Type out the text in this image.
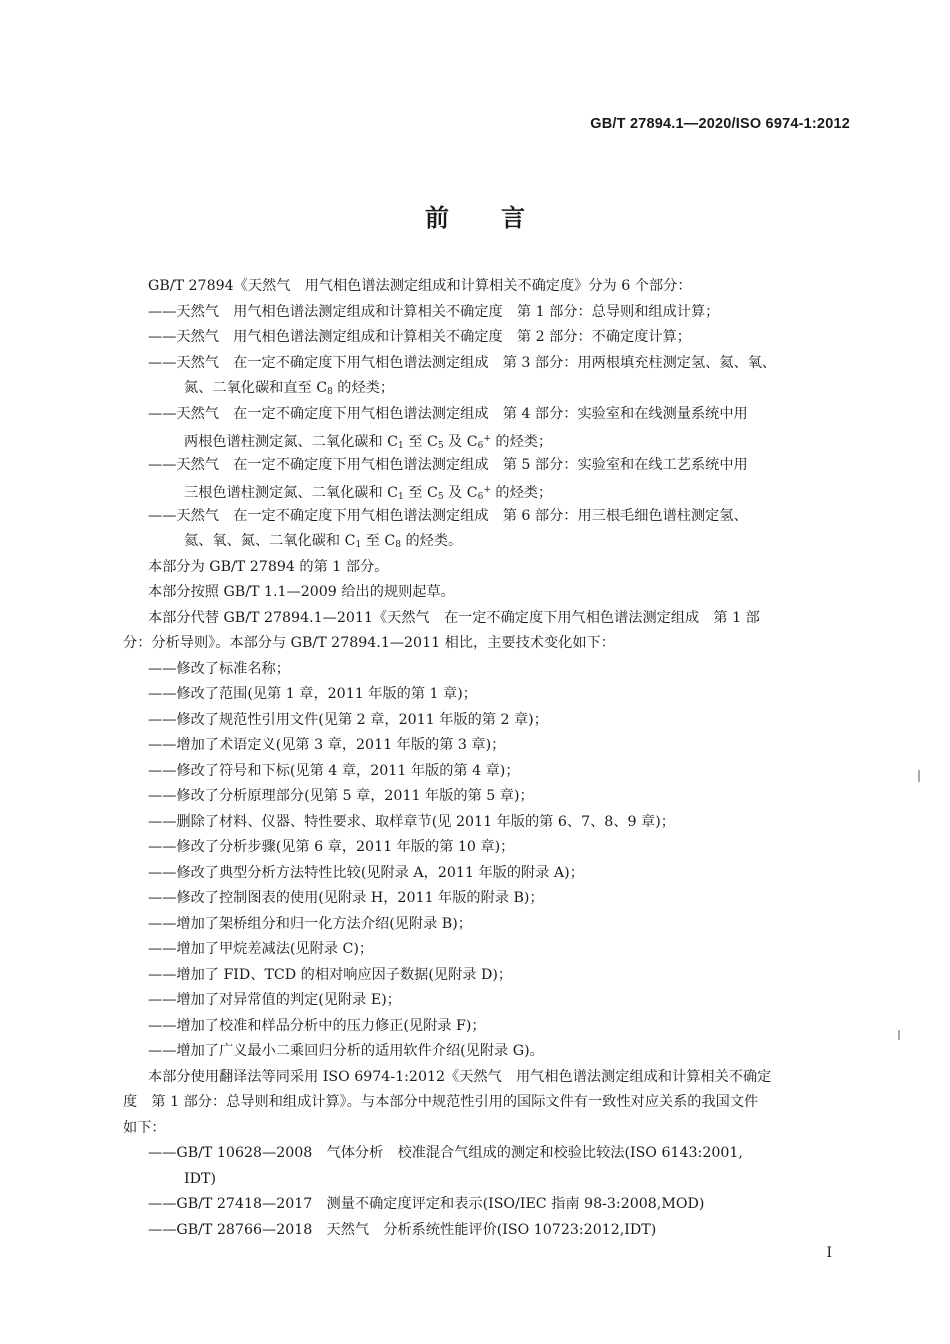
GB/T 27894.1—2020/ISO 6974-1:2012
前言
GB/T 27894《天然气　用气相色谱法测定组成和计算相关不确定度》分为 6 个部分：
——天然气　用气相色谱法测定组成和计算相关不确定度　第 1 部分：总导则和组成计算；
——天然气　用气相色谱法测定组成和计算相关不确定度　第 2 部分：不确定度计算；
——天然气　在一定不确定度下用气相色谱法测定组成　第 3 部分：用两根填充柱测定氢、氦、氧、
氮、二氧化碳和直至 $C_8$ 的烃类；
——天然气　在一定不确定度下用气相色谱法测定组成　第 4 部分：实验室和在线测量系统中用
两根色谱柱测定氮、二氧化碳和 $C_1$ 至 $C_5$ 及 $C_6^+$ 的烃类；
——天然气　在一定不确定度下用气相色谱法测定组成　第 5 部分：实验室和在线工艺系统中用
三根色谱柱测定氮、二氧化碳和 $C_1$ 至 $C_5$ 及 $C_6^+$ 的烃类；
——天然气　在一定不确定度下用气相色谱法测定组成　第 6 部分：用三根毛细色谱柱测定氢、
氦、氧、氮、二氧化碳和 $C_1$ 至 $C_8$ 的烃类。
本部分为 GB/T 27894 的第 1 部分。
本部分按照 GB/T 1.1—2009 给出的规则起草。
本部分代替 GB/T 27894.1—2011《天然气　在一定不确定度下用气相色谱法测定组成　第 1 部
分：分析导则》。本部分与 GB/T 27894.1—2011 相比，主要技术变化如下：
——修改了标准名称；
——修改了范围(见第 1 章，2011 年版的第 1 章)；
——修改了规范性引用文件(见第 2 章，2011 年版的第 2 章)；
——增加了术语定义(见第 3 章，2011 年版的第 3 章)；
——修改了符号和下标(见第 4 章，2011 年版的第 4 章)；
——修改了分析原理部分(见第 5 章，2011 年版的第 5 章)；
——删除了材料、仪器、特性要求、取样章节(见 2011 年版的第 6、7、8、9 章)；
——修改了分析步骤(见第 6 章，2011 年版的第 10 章)；
——修改了典型分析方法特性比较(见附录 A，2011 年版的附录 A)；
——修改了控制图表的使用(见附录 H，2011 年版的附录 B)；
——增加了架桥组分和归一化方法介绍(见附录 B)；
——增加了甲烷差减法(见附录 C)；
——增加了 FID、TCD 的相对响应因子数据(见附录 D)；
——增加了对异常值的判定(见附录 E)；
——增加了校准和样品分析中的压力修正(见附录 F)；
——增加了广义最小二乘回归分析的适用软件介绍(见附录 G)。
本部分使用翻译法等同采用 ISO 6974-1:2012《天然气　用气相色谱法测定组成和计算相关不确定
度　第 1 部分：总导则和组成计算》。与本部分中规范性引用的国际文件有一致性对应关系的我国文件
如下：
——GB/T 10628—2008　气体分析　校准混合气组成的测定和校验比较法(ISO 6143:2001,
IDT)
——GB/T 27418—2017　测量不确定度评定和表示(ISO/IEC 指南 98-3:2008,MOD)
——GB/T 28766—2018　天然气　分析系统性能评价(ISO 10723:2012,IDT)
I
